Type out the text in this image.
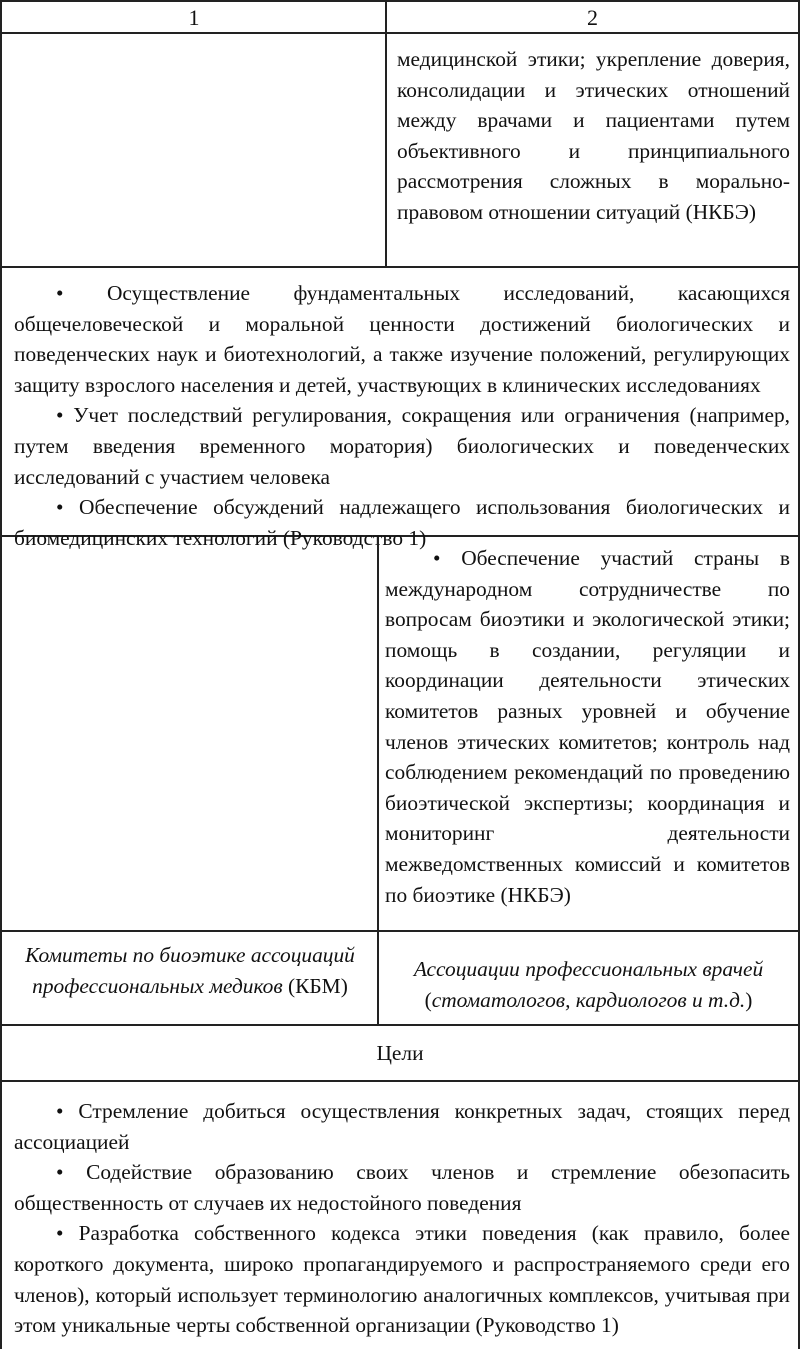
1	2
медицинской этики; укрепление доверия, консолидации и этических отношений между врачами и пациентами путем объективного и принципиального рассмотрения сложных в морально-правовом отношении ситуаций (НКБЭ)

• Осуществление фундаментальных исследований, касающихся общечеловеческой и моральной ценности достижений биологических и поведенческих наук и биотехнологий, а также изучение положений, регулирующих защиту взрослого населения и детей, участвующих в клинических исследованиях

• Учет последствий регулирования, сокращения или ограничения (например, путем введения временного моратория) биологических и поведенческих исследований с участием человека

• Обеспечение обсуждений надлежащего использования биологических и биомедицинских технологий (Руководство 1)

• Обеспечение участий страны в международном сотрудничестве по вопросам биоэтики и экологической этики; помощь в создании, регуляции и координации деятельности этических комитетов разных уровней и обучение членов этических комитетов; контроль над соблюдением рекомендаций по проведению биоэтической экспертизы; координация и мониторинг деятельности межведомственных комиссий и комитетов по биоэтике (НКБЭ)

Комитеты по биоэтике ассоциаций профессиональных медиков (КБМ)
Ассоциации профессиональных врачей
(стоматологов, кардиологов и т.д.)
Цели

• Стремление добиться осуществления конкретных задач, стоящих перед ассоциацией

• Содействие образованию своих членов и стремление обезопасить общественность от случаев их недостойного поведения

• Разработка собственного кодекса этики поведения (как правило, более короткого документа, широко пропагандируемого и распространяемого среди его членов), который использует терминологию аналогичных комплексов, учитывая при этом уникальные черты собственной организации (Руководство 1)
